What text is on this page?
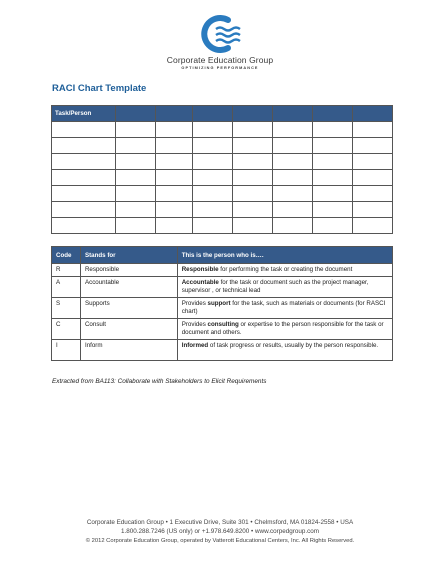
Corporate Education Group
OPTIMIZING PERFORMANCE
RACI Chart Template
Task/Person							

Code	Stands for	This is the person who is….
R	Responsible	Responsible for performing the task or creating the document
A	Accountable	Accountable for the task or document such as the project manager, supervisor , or technical lead
S	Supports	Provides support for the task, such as materials or documents (for RASCI chart)
C	Consult	Provides consulting or expertise to the person responsible for the task or document and others.
I	Inform	Informed of task progress or results, usually by the person responsible.
Extracted from BA113: Collaborate with Stakeholders to Elicit Requirements
Corporate Education Group • 1 Executive Drive, Suite 301 • Chelmsford, MA 01824-2558 • USA
1.800.288.7246 (US only) or +1.978.649.8200 • www.corpedgroup.com
© 2012 Corporate Education Group, operated by Vatterott Educational Centers, Inc. All Rights Reserved.
